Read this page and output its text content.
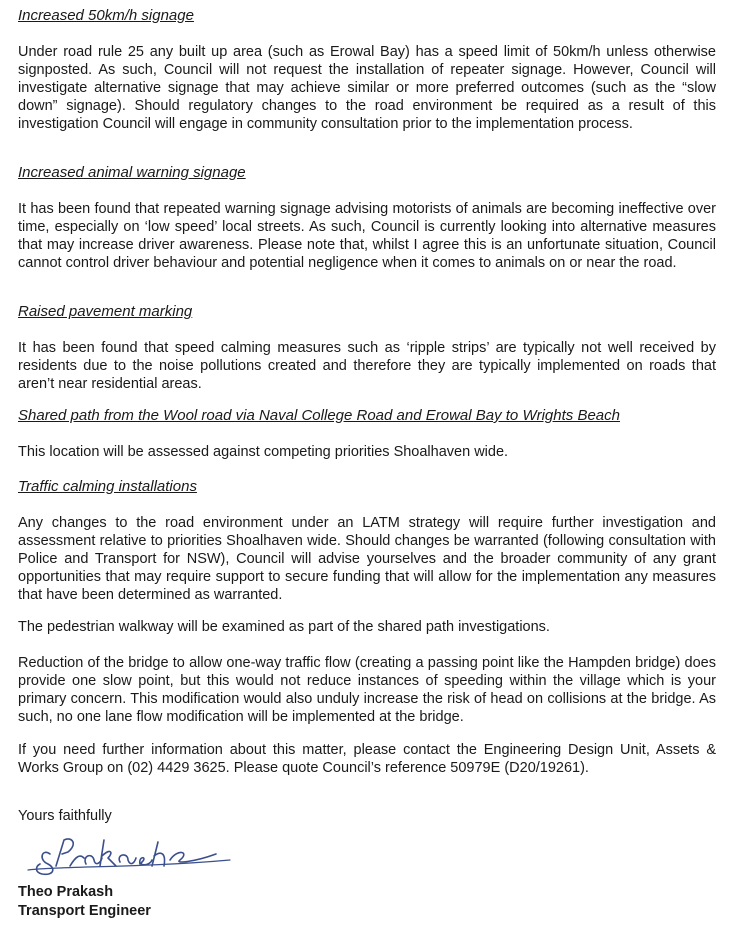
Increased 50km/h signage

Under road rule 25 any built up area (such as Erowal Bay) has a speed limit of 50km/h unless otherwise signposted. As such, Council will not request the installation of repeater signage. However, Council will investigate alternative signage that may achieve similar or more preferred outcomes (such as the “slow down” signage). Should regulatory changes to the road environment be required as a result of this investigation Council will engage in community consultation prior to the implementation process.

Increased animal warning signage

It has been found that repeated warning signage advising motorists of animals are becoming ineffective over time, especially on ‘low speed’ local streets. As such, Council is currently looking into alternative measures that may increase driver awareness. Please note that, whilst I agree this is an unfortunate situation, Council cannot control driver behaviour and potential negligence when it comes to animals on or near the road.

Raised pavement marking

It has been found that speed calming measures such as ‘ripple strips’ are typically not well received by residents due to the noise pollutions created and therefore they are typically implemented on roads that aren’t near residential areas.

Shared path from the Wool road via Naval College Road and Erowal Bay to Wrights Beach

This location will be assessed against competing priorities Shoalhaven wide.

Traffic calming installations

Any changes to the road environment under an LATM strategy will require further investigation and assessment relative to priorities Shoalhaven wide. Should changes be warranted (following consultation with Police and Transport for NSW), Council will advise yourselves and the broader community of any grant opportunities that may require support to secure funding that will allow for the implementation any measures that have been determined as warranted.

The pedestrian walkway will be examined as part of the shared path investigations.

Reduction of the bridge to allow one-way traffic flow (creating a passing point like the Hampden bridge) does provide one slow point, but this would not reduce instances of speeding within the village which is your primary concern. This modification would also unduly increase the risk of head on collisions at the bridge. As such, no one lane flow modification will be implemented at the bridge.

If you need further information about this matter, please contact the Engineering Design Unit, Assets & Works Group on (02) 4429 3625. Please quote Council’s reference 50979E (D20/19261).

Yours faithfully

Theo Prakash
Transport Engineer
